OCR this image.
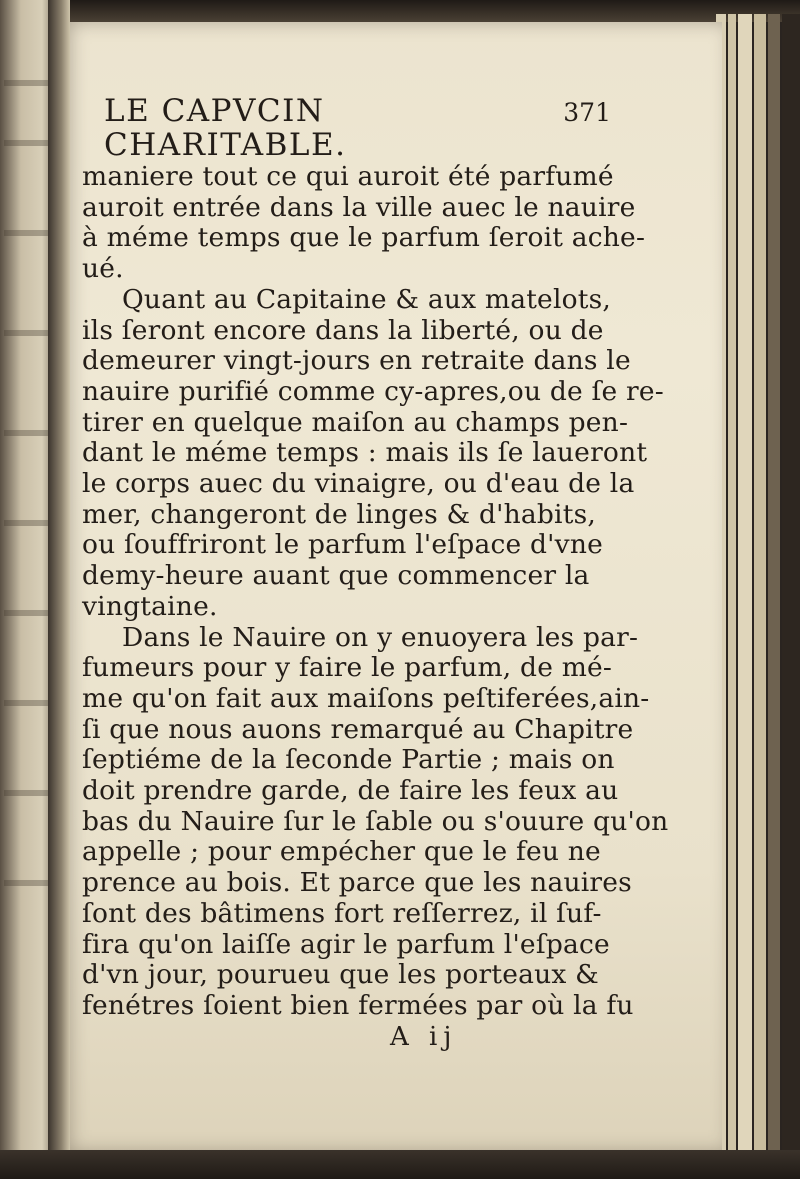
LE CAPVCIN CHARITABLE.
371
maniere tout ce qui auroit été parfumé
auroit entrée dans la ville auec le nauire
à méme temps que le parfum ſeroit ache-
ué.
Quant au Capitaine & aux matelots,
ils ſeront encore dans la liberté, ou de
demeurer vingt-jours en retraite dans le
nauire purifié comme cy-apres,ou de ſe re-
tirer en quelque maiſon au champs pen-
dant le méme temps : mais ils ſe laueront
le corps auec du vinaigre, ou d'eau de la
mer, changeront de linges & d'habits,
ou ſouffriront le parfum l'eſpace d'vne
demy-heure auant que commencer la
vingtaine.
Dans le Nauire on y enuoyera les par-
fumeurs pour y faire le parfum, de mé-
me qu'on fait aux maiſons peſtiferées,ain-
ſi que nous auons remarqué au Chapitre
ſeptiéme de la ſeconde Partie ; mais on
doit prendre garde, de faire les feux au
bas du Nauire ſur le ſable ou s'ouure qu'on
appelle ; pour empécher que le feu ne
prence au bois. Et parce que les nauires
ſont des bâtimens fort reſſerrez, il ſuf-
fira qu'on laiſſe agir le parfum l'eſpace
d'vn jour, pourueu que les porteaux &
fenétres ſoient bien fermées par où la fu
A ij
